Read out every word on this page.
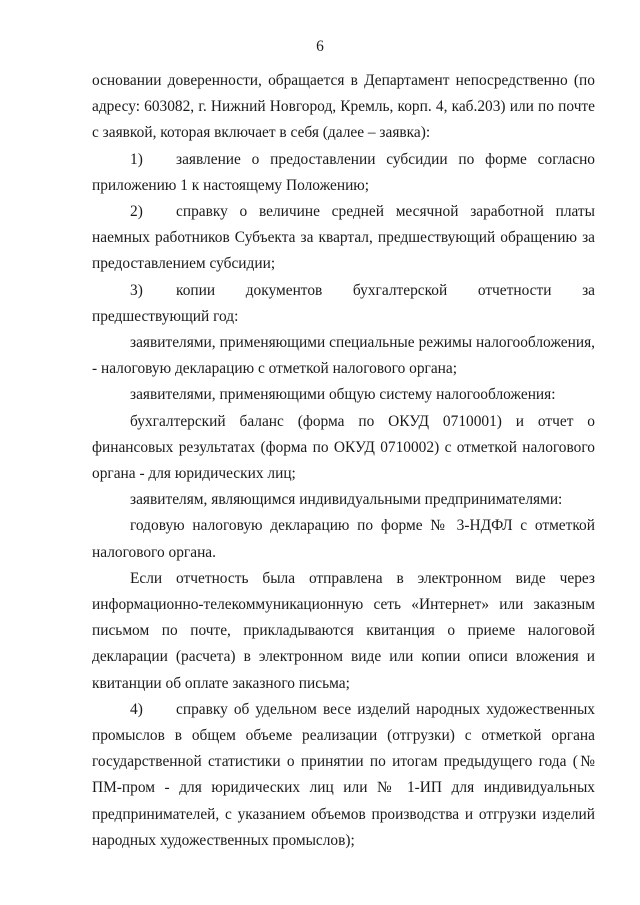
6

основании доверенности, обращается в Департамент непосредственно (по адресу: 603082, г. Нижний Новгород, Кремль, корп. 4, каб.203) или по почте с заявкой, которая включает в себя (далее – заявка):

1) заявление о предоставлении субсидии по форме согласно приложению 1 к настоящему Положению;

2) справку о величине средней месячной заработной платы наемных работников Субъекта за квартал, предшествующий обращению за предоставлением субсидии;

3) копии документов бухгалтерской отчетности за предшествующий год:

заявителями, применяющими специальные режимы налогообложения, - налоговую декларацию с отметкой налогового органа;

заявителями, применяющими общую систему налогообложения:

бухгалтерский баланс (форма по ОКУД 0710001) и отчет о финансовых результатах (форма по ОКУД 0710002) с отметкой налогового органа - для юридических лиц;

заявителям, являющимся индивидуальными предпринимателями:

годовую налоговую декларацию по форме № 3-НДФЛ с отметкой налогового органа.

Если отчетность была отправлена в электронном виде через информационно-телекоммуникационную сеть «Интернет» или заказным письмом по почте, прикладываются квитанция о приеме налоговой декларации (расчета) в электронном виде или копии описи вложения и квитанции об оплате заказного письма;

4) справку об удельном весе изделий народных художественных промыслов в общем объеме реализации (отгрузки) с отметкой органа государственной статистики о принятии по итогам предыдущего года (№ ПМ-пром - для юридических лиц или № 1-ИП для индивидуальных предпринимателей, с указанием объемов производства и отгрузки изделий народных художественных промыслов);
